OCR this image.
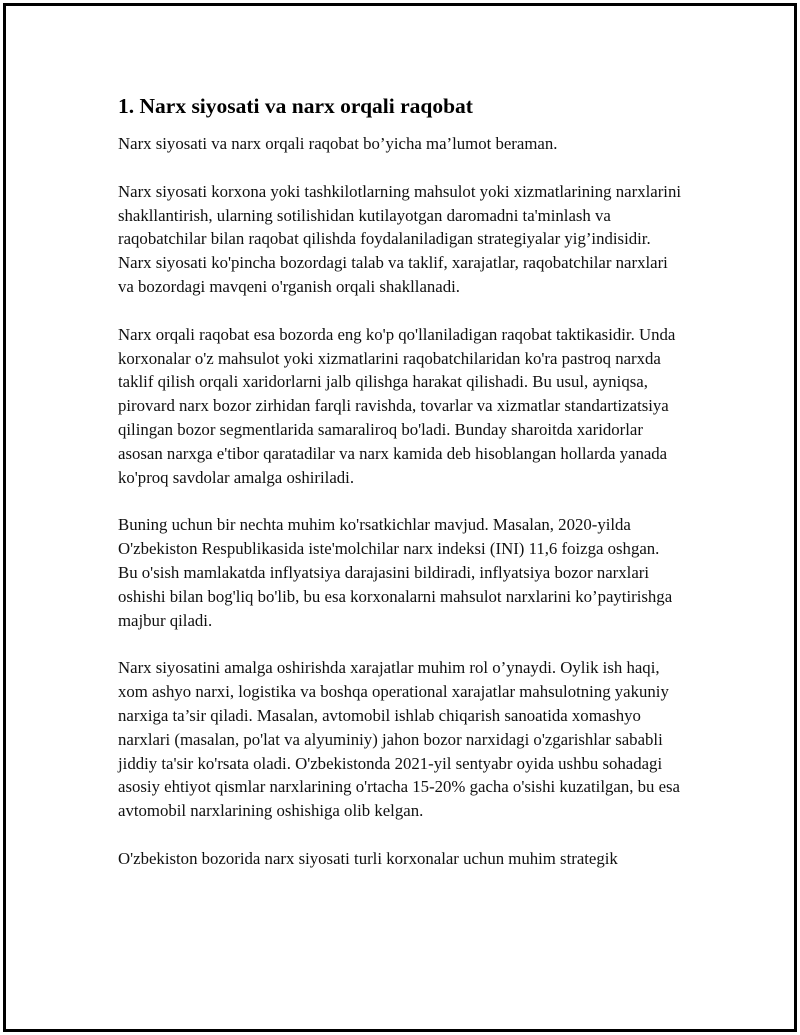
1. Narx siyosati va narx orqali raqobat

Narx siyosati va narx orqali raqobat bo’yicha ma’lumot beraman.

Narx siyosati korxona yoki tashkilotlarning mahsulot yoki xizmatlarining narxlarini shakllantirish, ularning sotilishidan kutilayotgan daromadni ta'minlash va raqobatchilar bilan raqobat qilishda foydalaniladigan strategiyalar yig’indisidir. Narx siyosati ko'pincha bozordagi talab va taklif, xarajatlar, raqobatchilar narxlari va bozordagi mavqeni o'rganish orqali shakllanadi.

Narx orqali raqobat esa bozorda eng ko'p qo'llaniladigan raqobat taktikasidir. Unda korxonalar o'z mahsulot yoki xizmatlarini raqobatchilaridan ko'ra pastroq narxda taklif qilish orqali xaridorlarni jalb qilishga harakat qilishadi. Bu usul, ayniqsa, pirovard narx bozor zirhidan farqli ravishda, tovarlar va xizmatlar standartizatsiya qilingan bozor segmentlarida samaraliroq bo'ladi. Bunday sharoitda xaridorlar asosan narxga e'tibor qaratadilar va narx kamida deb hisoblangan hollarda yanada ko'proq savdolar amalga oshiriladi.

Buning uchun bir nechta muhim ko'rsatkichlar mavjud. Masalan, 2020-yilda O'zbekiston Respublikasida iste'molchilar narx indeksi (INI) 11,6 foizga oshgan. Bu o'sish mamlakatda inflyatsiya darajasini bildiradi, inflyatsiya bozor narxlari oshishi bilan bog'liq bo'lib, bu esa korxonalarni mahsulot narxlarini ko’paytirishga majbur qiladi.

Narx siyosatini amalga oshirishda xarajatlar muhim rol o’ynaydi. Oylik ish haqi, xom ashyo narxi, logistika va boshqa operational xarajatlar mahsulotning yakuniy narxiga ta’sir qiladi. Masalan, avtomobil ishlab chiqarish sanoatida xomashyo narxlari (masalan, po'lat va alyuminiy) jahon bozor narxidagi o'zgarishlar sababli jiddiy ta'sir ko'rsata oladi. O'zbekistonda 2021-yil sentyabr oyida ushbu sohadagi asosiy ehtiyot qismlar narxlarining o'rtacha 15-20% gacha o'sishi kuzatilgan, bu esa avtomobil narxlarining oshishiga olib kelgan.

O'zbekiston bozorida narx siyosati turli korxonalar uchun muhim strategik
